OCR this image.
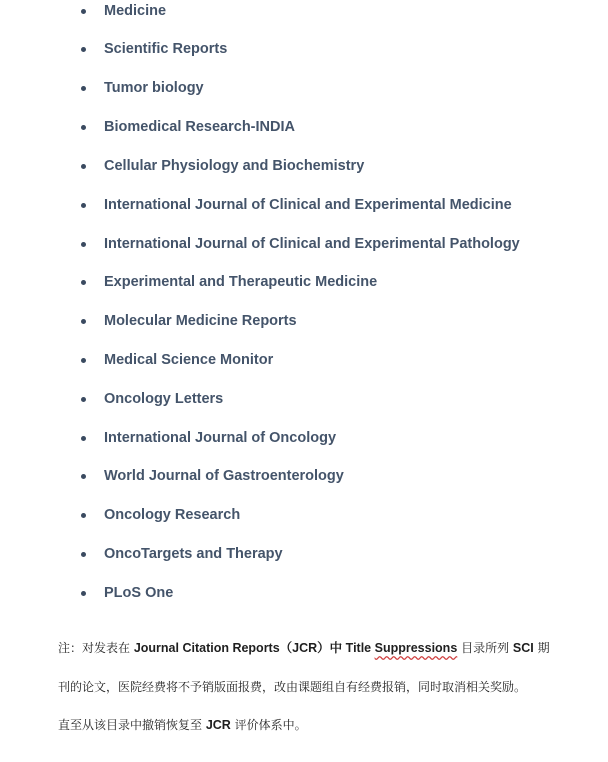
Medicine
Scientific Reports
Tumor biology
Biomedical Research-INDIA
Cellular Physiology and Biochemistry
International Journal of Clinical and Experimental Medicine
International Journal of Clinical and Experimental Pathology
Experimental and Therapeutic Medicine
Molecular Medicine Reports
Medical Science Monitor
Oncology Letters
International Journal of Oncology
World Journal of Gastroenterology
Oncology Research
OncoTargets and Therapy
PLoS One
注：对发表在 Journal Citation Reports（JCR）中 Title Suppressions 目录所列 SCI 期
刊的论文，医院经费将不予销版面报费，改由课题组自有经费报销，同时取消相关奖励。
直至从该目录中撤销恢复至 JCR 评价体系中。
